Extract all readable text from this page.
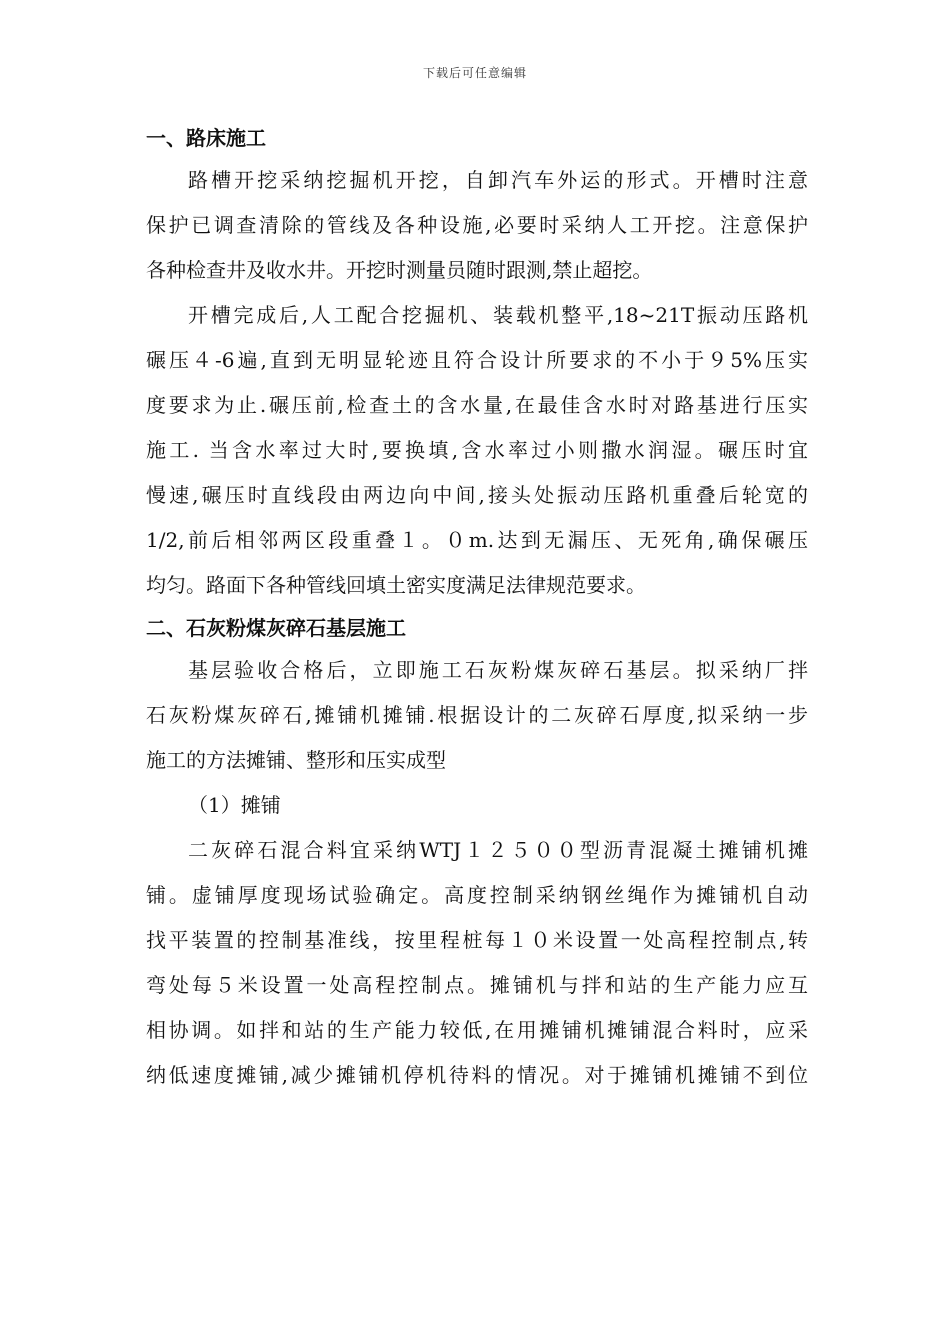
下载后可任意编辑
一、路床施工
路槽开挖采纳挖掘机开挖，自卸汽车外运的形式。开槽时注意
保护已调查清除的管线及各种设施,必要时采纳人工开挖。注意保护
各种检查井及收水井。开挖时测量员随时跟测,禁止超挖。
开槽完成后,人工配合挖掘机、装载机整平,18~21T振动压路机
碾压４-6遍,直到无明显轮迹且符合设计所要求的不小于９5%压实
度要求为止.碾压前,检查土的含水量,在最佳含水时对路基进行压实
施工. 当含水率过大时,要换填,含水率过小则撒水润湿。碾压时宜
慢速,碾压时直线段由两边向中间,接头处振动压路机重叠后轮宽的
1/2,前后相邻两区段重叠１。０m.达到无漏压、无死角,确保碾压
均匀。路面下各种管线回填土密实度满足法律规范要求。
二、石灰粉煤灰碎石基层施工
基层验收合格后，立即施工石灰粉煤灰碎石基层。拟采纳厂拌
石灰粉煤灰碎石,摊铺机摊铺.根据设计的二灰碎石厚度,拟采纳一步
施工的方法摊铺、整形和压实成型
（1）摊铺
二灰碎石混合料宜采纳WTJ１２５００型沥青混凝土摊铺机摊
铺。虚铺厚度现场试验确定。高度控制采纳钢丝绳作为摊铺机自动
找平装置的控制基准线，按里程桩每１０米设置一处高程控制点,转
弯处每５米设置一处高程控制点。摊铺机与拌和站的生产能力应互
相协调。如拌和站的生产能力较低,在用摊铺机摊铺混合料时，应采
纳低速度摊铺,减少摊铺机停机待料的情况。对于摊铺机摊铺不到位
